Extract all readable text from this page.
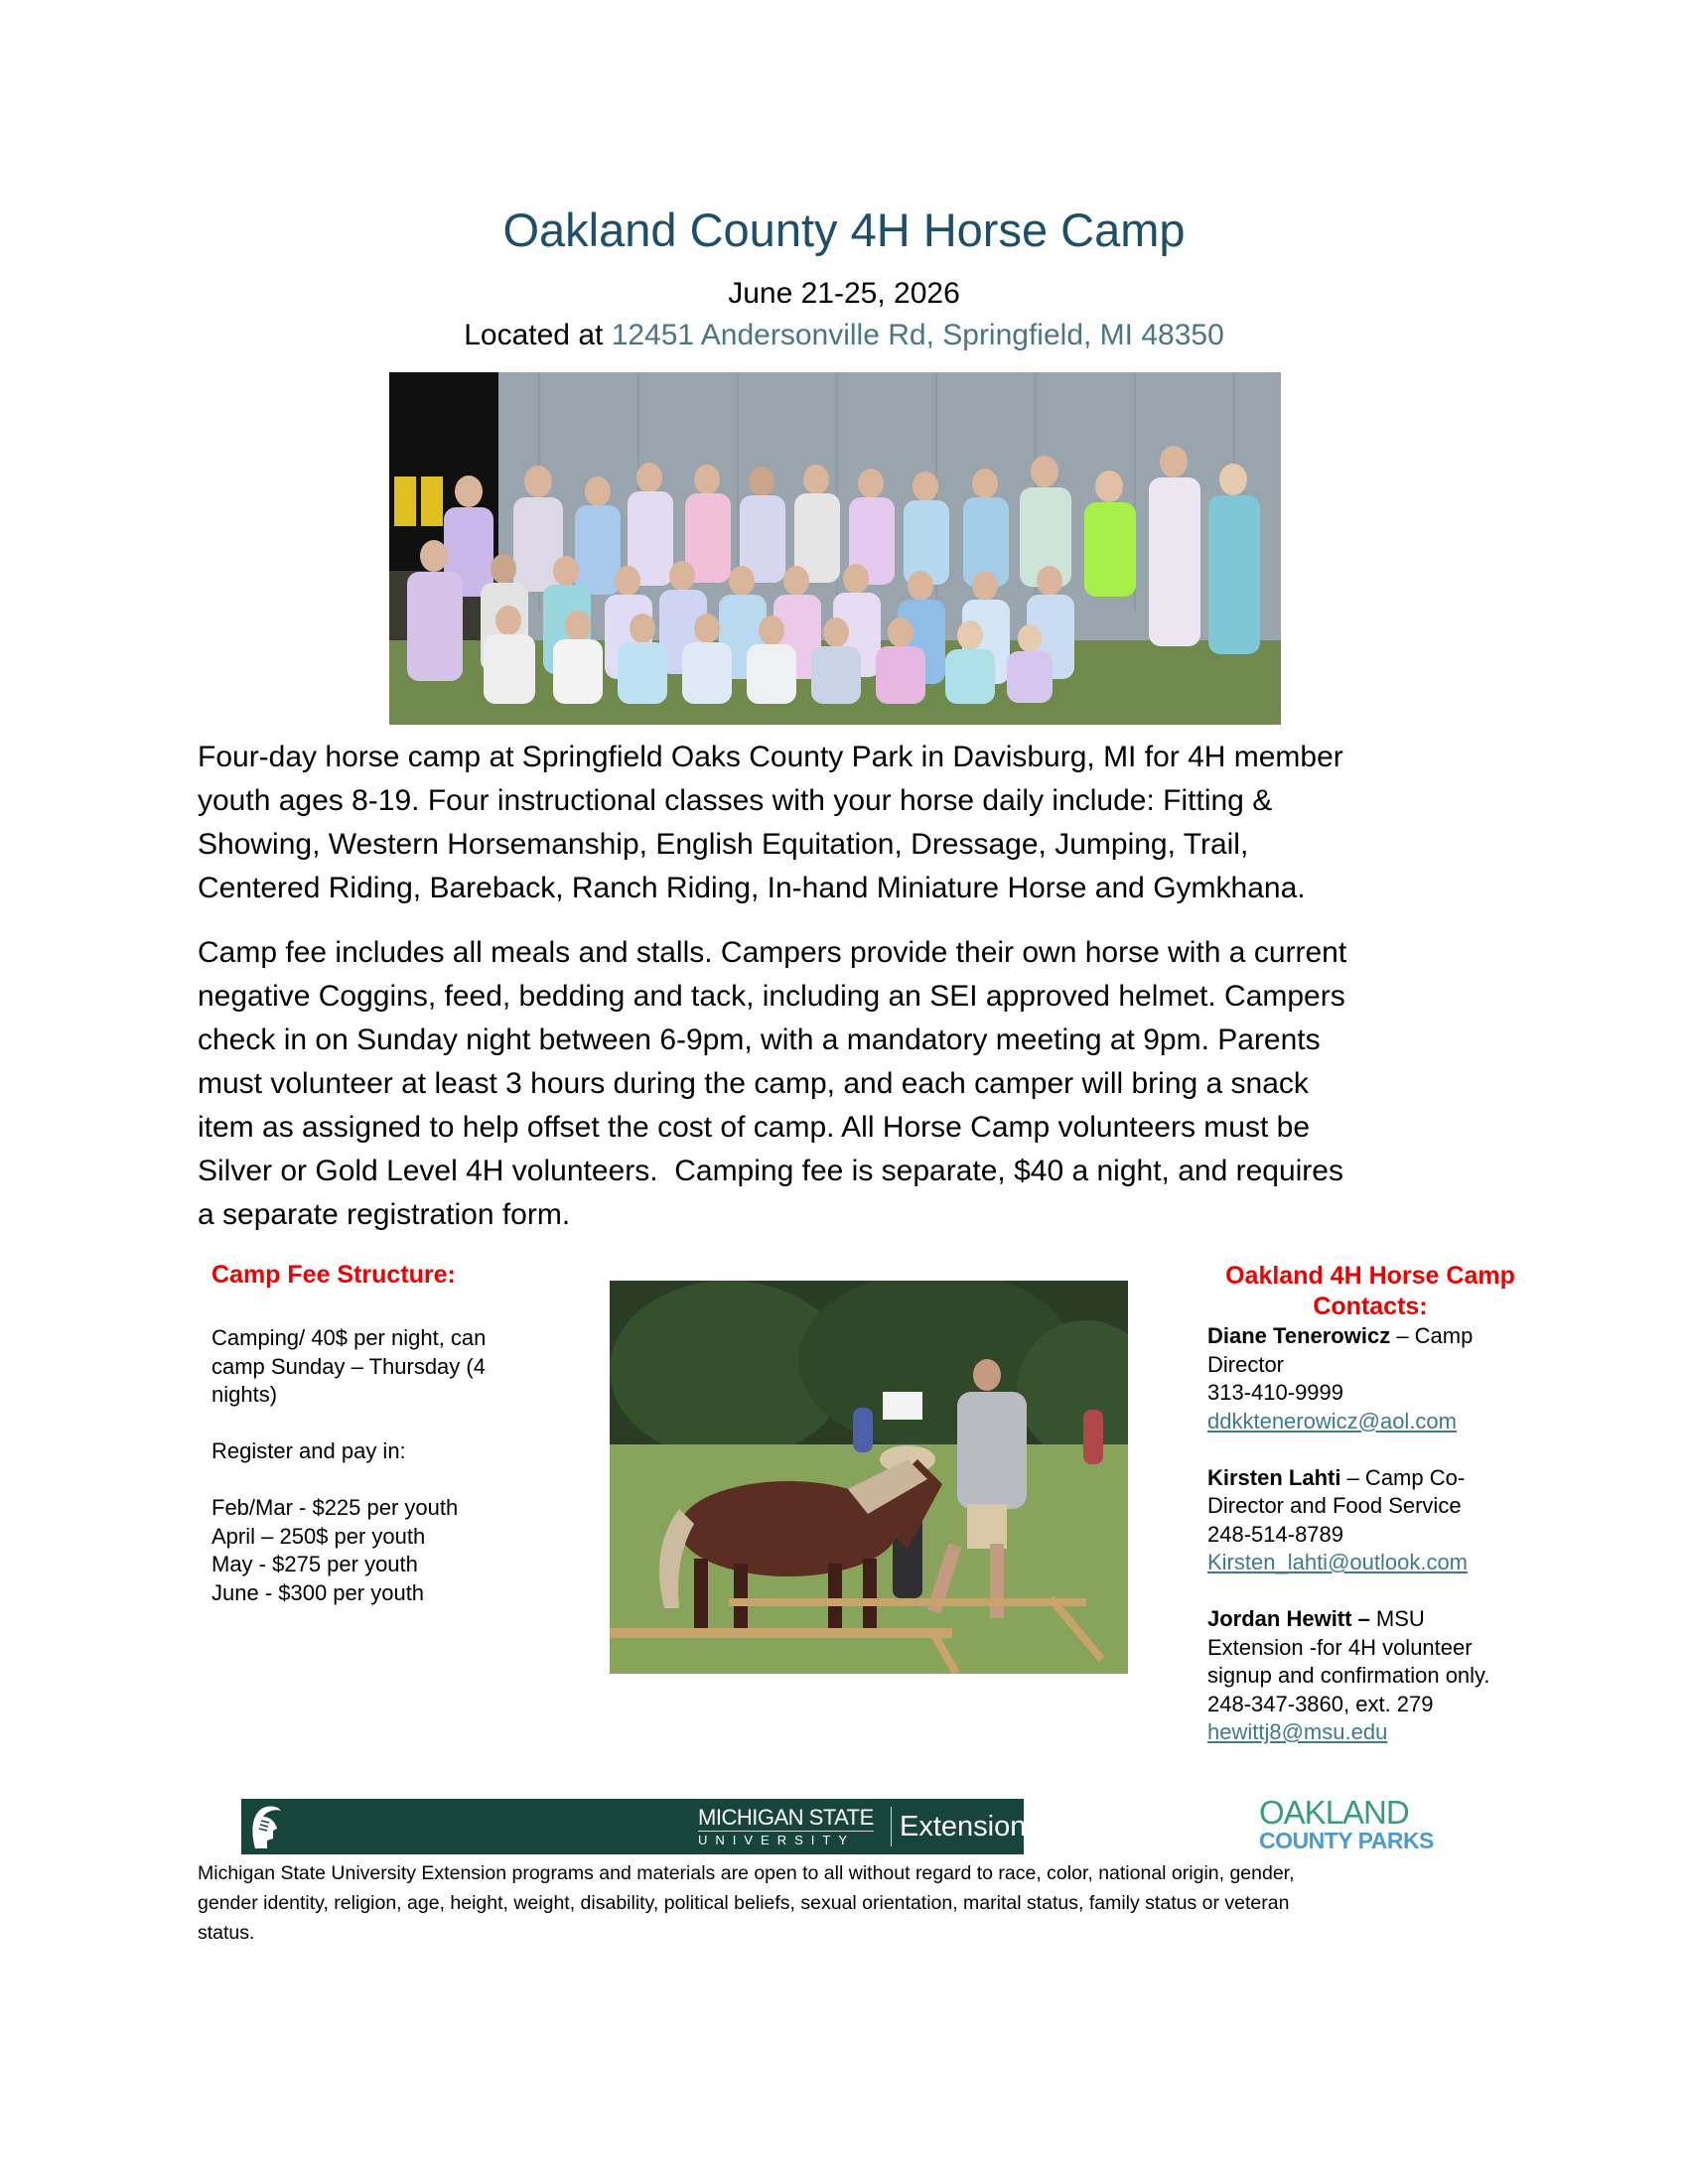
Oakland County 4H Horse Camp
June 21-25, 2026
Located at 12451 Andersonville Rd, Springfield, MI 48350
Four-day horse camp at Springfield Oaks County Park in Davisburg, MI for 4H member
youth ages 8-19. Four instructional classes with your horse daily include: Fitting &
Showing, Western Horsemanship, English Equitation, Dressage, Jumping, Trail,
Centered Riding, Bareback, Ranch Riding, In-hand Miniature Horse and Gymkhana.
Camp fee includes all meals and stalls. Campers provide their own horse with a current
negative Coggins, feed, bedding and tack, including an SEI approved helmet. Campers
check in on Sunday night between 6-9pm, with a mandatory meeting at 9pm. Parents
must volunteer at least 3 hours during the camp, and each camper will bring a snack
item as assigned to help offset the cost of camp. All Horse Camp volunteers must be
Silver or Gold Level 4H volunteers.  Camping fee is separate, $40 a night, and requires
a separate registration form.
Camp Fee Structure:
Camping/ 40$ per night, can
camp Sunday – Thursday (4
nights)
Register and pay in:
Feb/Mar - $225 per youth
April – 250$ per youth
May - $275 per youth
June - $300 per youth
Oakland 4H Horse Camp
Contacts:
Diane Tenerowicz – Camp
Director
313-410-9999
ddkktenerowicz@aol.com
Kirsten Lahti – Camp Co-
Director and Food Service
248-514-8789
Kirsten_lahti@outlook.com
Jordan Hewitt – MSU
Extension -for 4H volunteer
signup and confirmation only.
248-347-3860, ext. 279
hewittj8@msu.edu
MICHIGAN STATE
UNIVERSITY	Extension	OAKLAND
COUNTY PARKS
Michigan State University Extension programs and materials are open to all without regard to race, color, national origin, gender,
gender identity, religion, age, height, weight, disability, political beliefs, sexual orientation, marital status, family status or veteran
status.
